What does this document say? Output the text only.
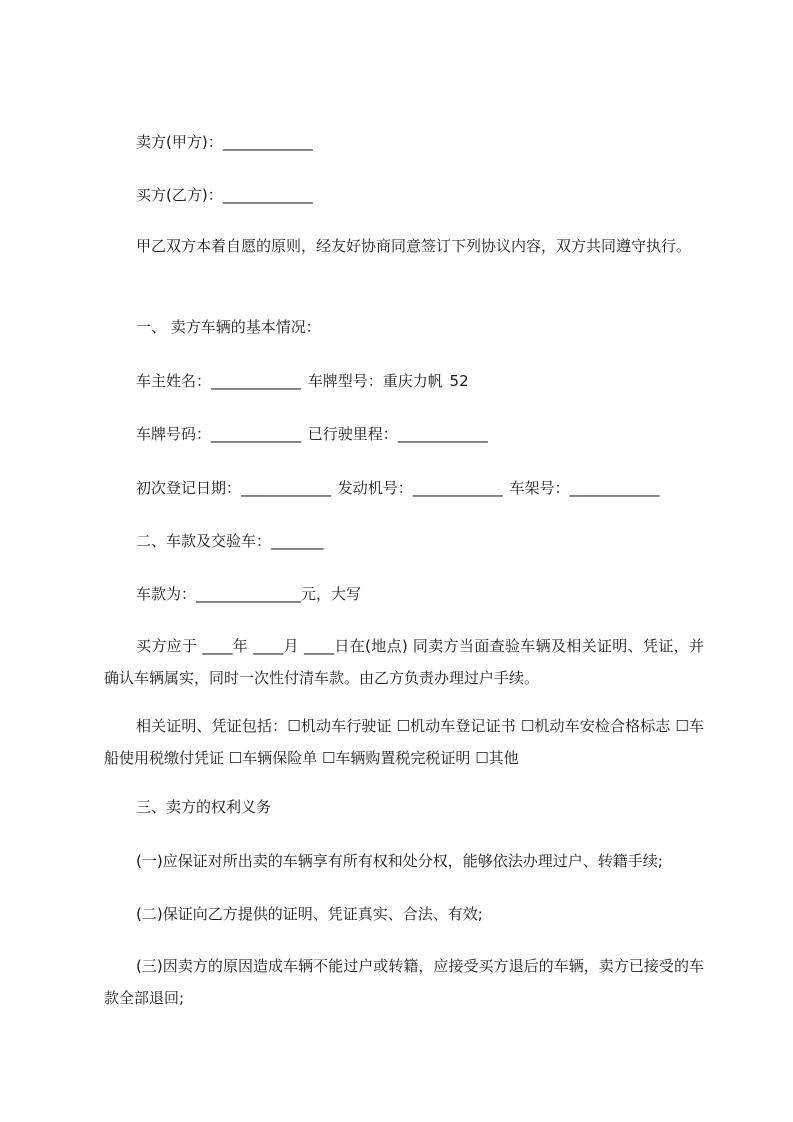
卖方(甲方)：____________
买方(乙方)：____________
甲乙双方本着自愿的原则，经友好协商同意签订下列协议内容，双方共同遵守执行。
一、 卖方车辆的基本情况：
车主姓名：____________ 车牌型号：重庆力帆 52
车牌号码：____________ 已行驶里程：____________
初次登记日期：____________ 发动机号：____________ 车架号：____________
二、车款及交验车：_______
车款为：______________元，大写
买方应于 ____年 ____月 ____日在(地点) 同卖方当面查验车辆及相关证明、凭证，并确认车辆属实，同时一次性付清车款。由乙方负责办理过户手续。
相关证明、凭证包括：☐机动车行驶证 ☐机动车登记证书 ☐机动车安检合格标志 ☐车船使用税缴付凭证 ☐车辆保险单 ☐车辆购置税完税证明 ☐其他
三、卖方的权利义务
(一)应保证对所出卖的车辆享有所有权和处分权，能够依法办理过户、转籍手续;
(二)保证向乙方提供的证明、凭证真实、合法、有效;
(三)因卖方的原因造成车辆不能过户或转籍，应接受买方退后的车辆，卖方已接受的车款全部退回;
